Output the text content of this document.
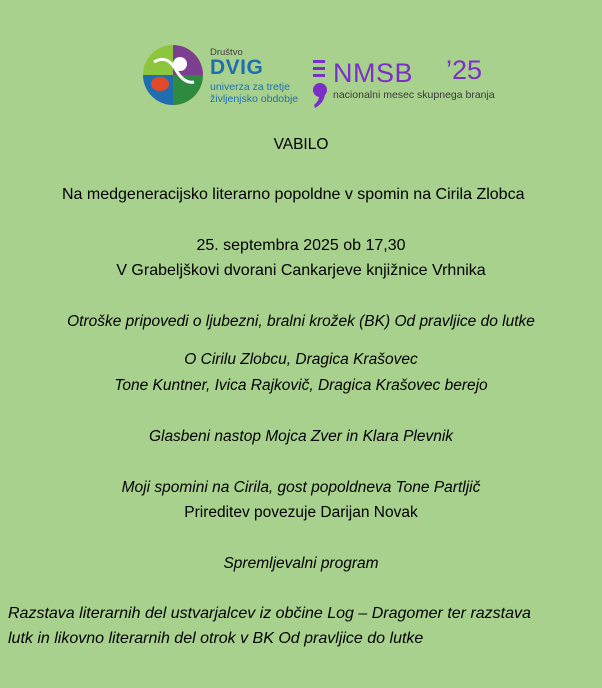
Društvo
DVIG
univerza za tretje
življenjsko obdobje
NMSB ’25
nacionalni mesec skupnega branja
VABILO
Na medgeneracijsko literarno popoldne v spomin na Cirila Zlobca
25. septembra 2025 ob 17,30
V Grabeljškovi dvorani Cankarjeve knjižnice Vrhnika
Otroške pripovedi o ljubezni, bralni krožek (BK) Od pravljice do lutke
O Cirilu Zlobcu, Dragica Krašovec
Tone Kuntner, Ivica Rajkovič, Dragica Krašovec berejo
Glasbeni nastop Mojca Zver in Klara Plevnik
Moji spomini na Cirila, gost popoldneva Tone Partljič
Prireditev povezuje Darijan Novak
Spremljevalni program
Razstava literarnih del ustvarjalcev iz občine Log – Dragomer ter razstava
lutk in likovno literarnih del otrok v BK Od pravljice do lutke
